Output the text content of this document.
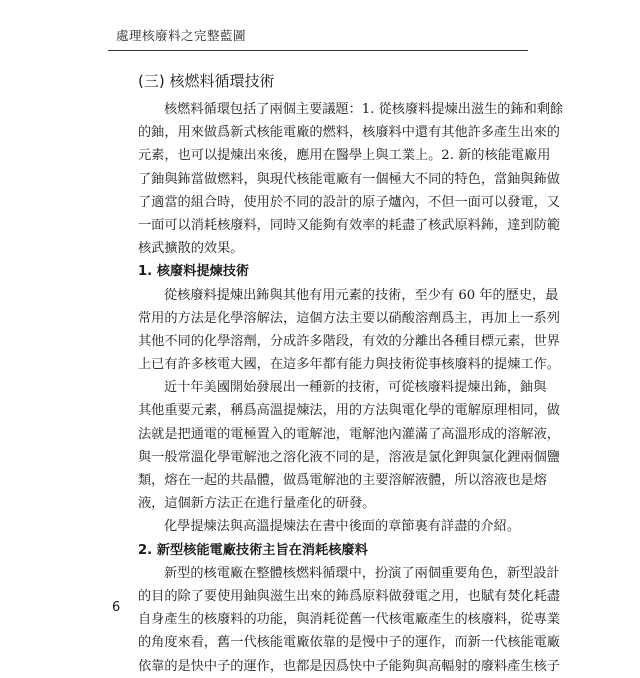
處理核廢料之完整藍圖
(三) 核燃料循環技術
核燃料循環包括了兩個主要議題：1. 從核廢料提煉出滋生的鈽和剩餘
的鈾，用來做爲新式核能電廠的燃料，核廢料中還有其他許多產生出來的
元素，也可以提煉出來後，應用在醫學上與工業上。2. 新的核能電廠用
了鈾與鈽當做燃料，與現代核能電廠有一個極大不同的特色，當鈾與鈽做
了適當的組合時，使用於不同的設計的原子爐內，不但一面可以發電，又
一面可以消耗核廢料，同時又能夠有效率的耗盡了核武原料鈽，達到防範
核武擴散的效果。
1. 核廢料提煉技術
從核廢料提煉出鈽與其他有用元素的技術，至少有 60 年的歷史，最
常用的方法是化學溶解法，這個方法主要以硝酸溶劑爲主，再加上一系列
其他不同的化學溶劑，分成許多階段，有效的分離出各種目標元素，世界
上已有許多核電大國，在這多年都有能力與技術從事核廢料的提煉工作。
近十年美國開始發展出一種新的技術，可從核廢料提煉出鈽，鈾與
其他重要元素，稱爲高溫提煉法，用的方法與電化學的電解原理相同，做
法就是把通電的電極置入的電解池，電解池內灌滿了高溫形成的溶解液，
與一般常溫化學電解池之溶化液不同的是，溶液是氯化鉀與氯化鋰兩個鹽
類，熔在一起的共晶體，做爲電解池的主要溶解液體，所以溶液也是熔
液，這個新方法正在進行量產化的研發。
化學提煉法與高溫提煉法在書中後面的章節裏有詳盡的介紹。
2. 新型核能電廠技術主旨在消耗核廢料
新型的核電廠在整體核燃料循環中，扮演了兩個重要角色，新型設計
的目的除了要使用鈾與滋生出來的鈽爲原料做發電之用，也賦有焚化耗盡
自身產生的核廢料的功能，與消耗從舊一代核電廠產生的核廢料，從專業
的角度來看，舊一代核能電廠依靠的是慢中子的運作，而新一代核能電廠
依靠的是快中子的運作，也都是因爲快中子能夠與高輻射的廢料產生核子
6
